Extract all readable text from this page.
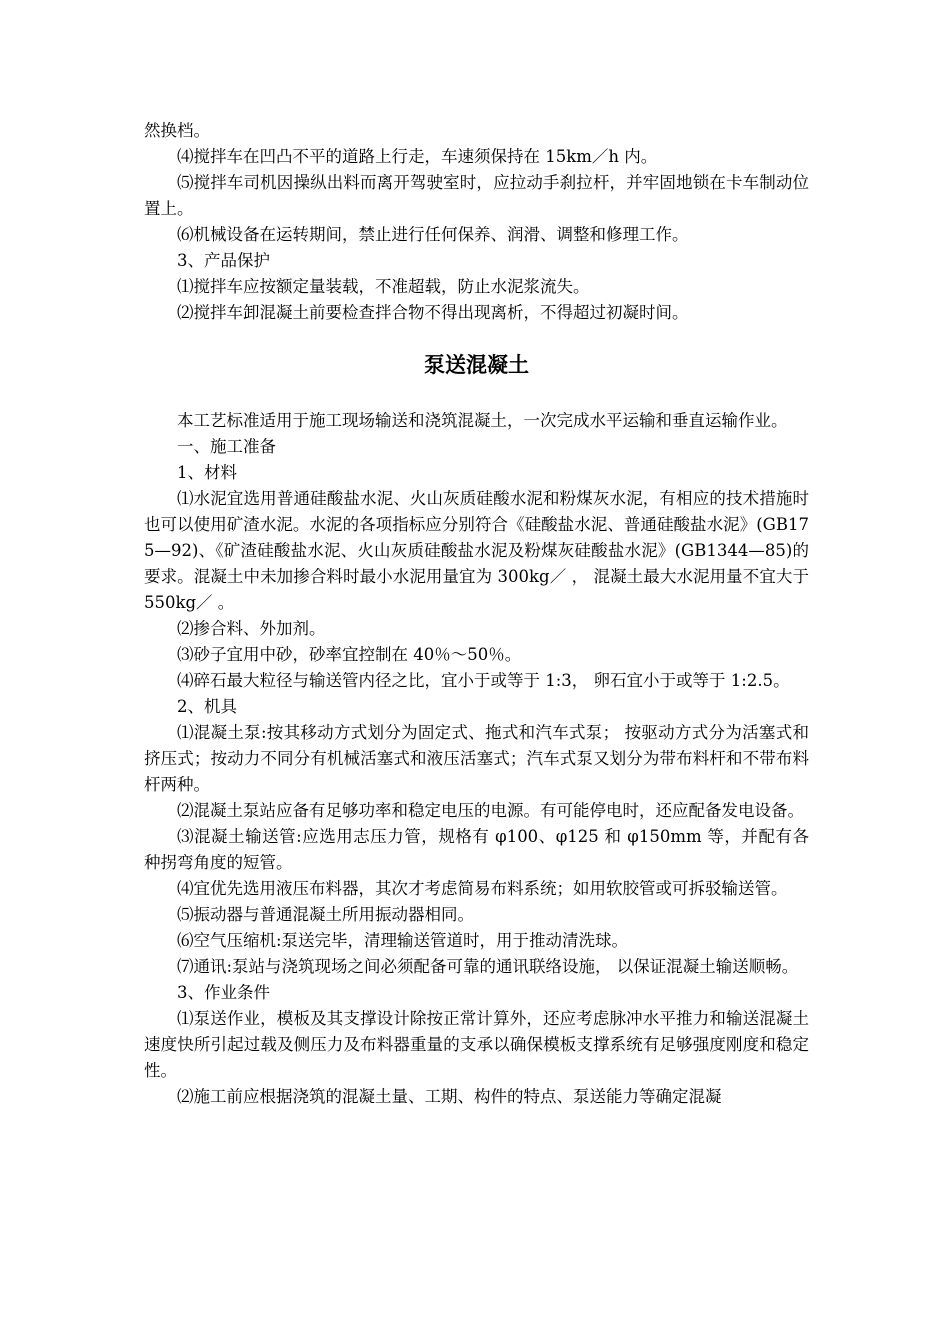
然换档。

⑷搅拌车在凹凸不平的道路上行走，车速须保持在 15km／h 内。

⑸搅拌车司机因操纵出料而离开驾驶室时，应拉动手刹拉杆，并牢固地锁在卡车制动位置上。

⑹机械设备在运转期间，禁止进行任何保养、润滑、调整和修理工作。

3、产品保护

⑴搅拌车应按额定量装载，不准超载，防止水泥浆流失。

⑵搅拌车卸混凝土前要检查拌合物不得出现离析，不得超过初凝时间。

泵送混凝土

本工艺标准适用于施工现场输送和浇筑混凝土，一次完成水平运输和垂直运输作业。

一、施工准备

1、材料

⑴水泥宜选用普通硅酸盐水泥、火山灰质硅酸水泥和粉煤灰水泥，有相应的技术措施时也可以使用矿渣水泥。水泥的各项指标应分别符合《硅酸盐水泥、普通硅酸盐水泥》(GB175—92)、《矿渣硅酸盐水泥、火山灰质硅酸盐水泥及粉煤灰硅酸盐水泥》(GB1344—85)的要求。混凝土中未加掺合料时最小水泥用量宜为 300kg／ ， 混凝土最大水泥用量不宜大于 550kg／ 。

⑵掺合料、外加剂。

⑶砂子宜用中砂，砂率宜控制在 40％～50％。

⑷碎石最大粒径与输送管内径之比，宜小于或等于 1:3， 卵石宜小于或等于 1:2.5。

2、机具

⑴混凝土泵:按其移动方式划分为固定式、拖式和汽车式泵； 按驱动方式分为活塞式和挤压式；按动力不同分有机械活塞式和液压活塞式；汽车式泵又划分为带布料杆和不带布料杆两种。

⑵混凝土泵站应备有足够功率和稳定电压的电源。有可能停电时，还应配备发电设备。

⑶混凝土输送管:应选用志压力管，规格有 φ100、φ125 和 φ150mm 等，并配有各种拐弯角度的短管。

⑷宜优先选用液压布料器，其次才考虑简易布料系统；如用软胶管或可拆驳输送管。

⑸振动器与普通混凝土所用振动器相同。

⑹空气压缩机:泵送完毕，清理输送管道时，用于推动清洗球。

⑺通讯:泵站与浇筑现场之间必须配备可靠的通讯联络设施， 以保证混凝土输送顺畅。

3、作业条件

⑴泵送作业，模板及其支撑设计除按正常计算外，还应考虑脉冲水平推力和输送混凝土速度快所引起过载及侧压力及布料器重量的支承以确保模板支撑系统有足够强度刚度和稳定性。

⑵施工前应根据浇筑的混凝土量、工期、构件的特点、泵送能力等确定混凝
